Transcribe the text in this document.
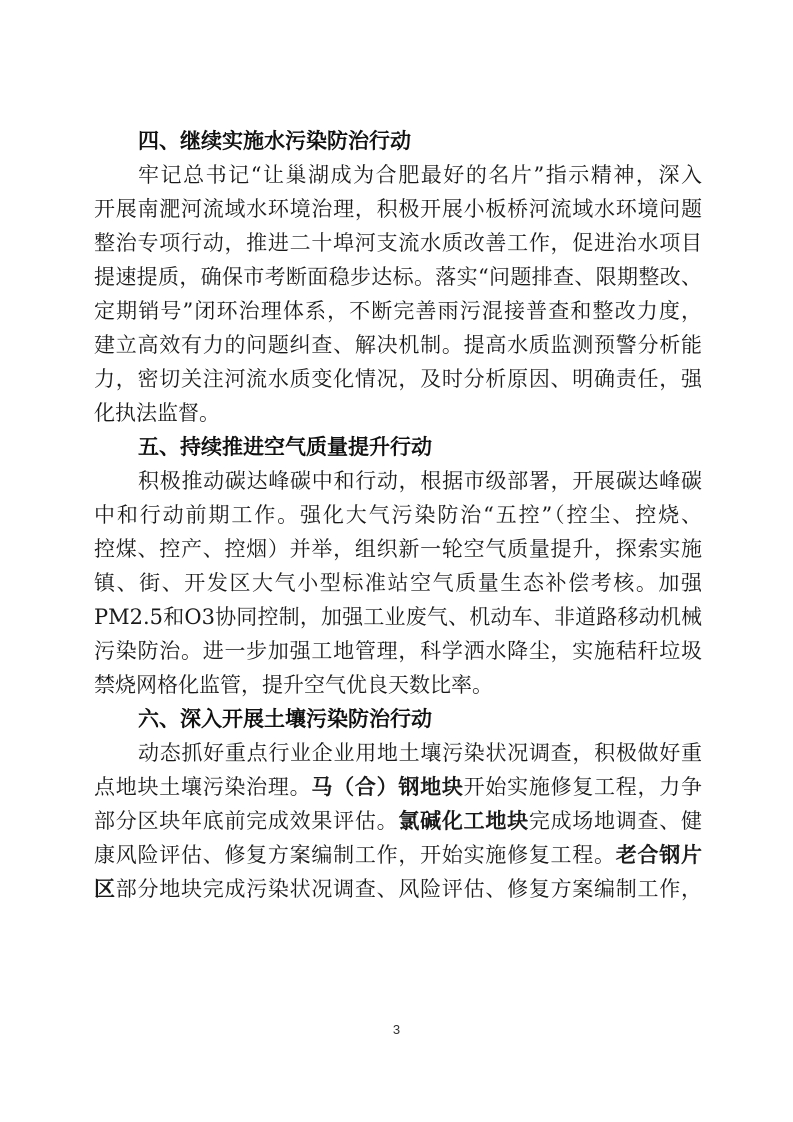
四、继续实施水污染防治行动
牢记总书记“让巢湖成为合肥最好的名片”指示精神，深入
开展南淝河流域水环境治理，积极开展小板桥河流域水环境问题
整治专项行动，推进二十埠河支流水质改善工作，促进治水项目
提速提质，确保市考断面稳步达标。落实“问题排查、限期整改、
定期销号”闭环治理体系，不断完善雨污混接普查和整改力度，
建立高效有力的问题纠查、解决机制。提高水质监测预警分析能
力，密切关注河流水质变化情况，及时分析原因、明确责任，强
化执法监督。
五、持续推进空气质量提升行动
积极推动碳达峰碳中和行动，根据市级部署，开展碳达峰碳
中和行动前期工作。强化大气污染防治“五控”（控尘、控烧、
控煤、控产、控烟）并举，组织新一轮空气质量提升，探索实施
镇、街、开发区大气小型标准站空气质量生态补偿考核。加强
PM2.5和O3协同控制，加强工业废气、机动车、非道路移动机械
污染防治。进一步加强工地管理，科学洒水降尘，实施秸秆垃圾
禁烧网格化监管，提升空气优良天数比率。
六、深入开展土壤污染防治行动
动态抓好重点行业企业用地土壤污染状况调查，积极做好重
点地块土壤污染治理。马（合）钢地块开始实施修复工程，力争
部分区块年底前完成效果评估。氯碱化工地块完成场地调查、健
康风险评估、修复方案编制工作，开始实施修复工程。老合钢片
区部分地块完成污染状况调查、风险评估、修复方案编制工作，
3
